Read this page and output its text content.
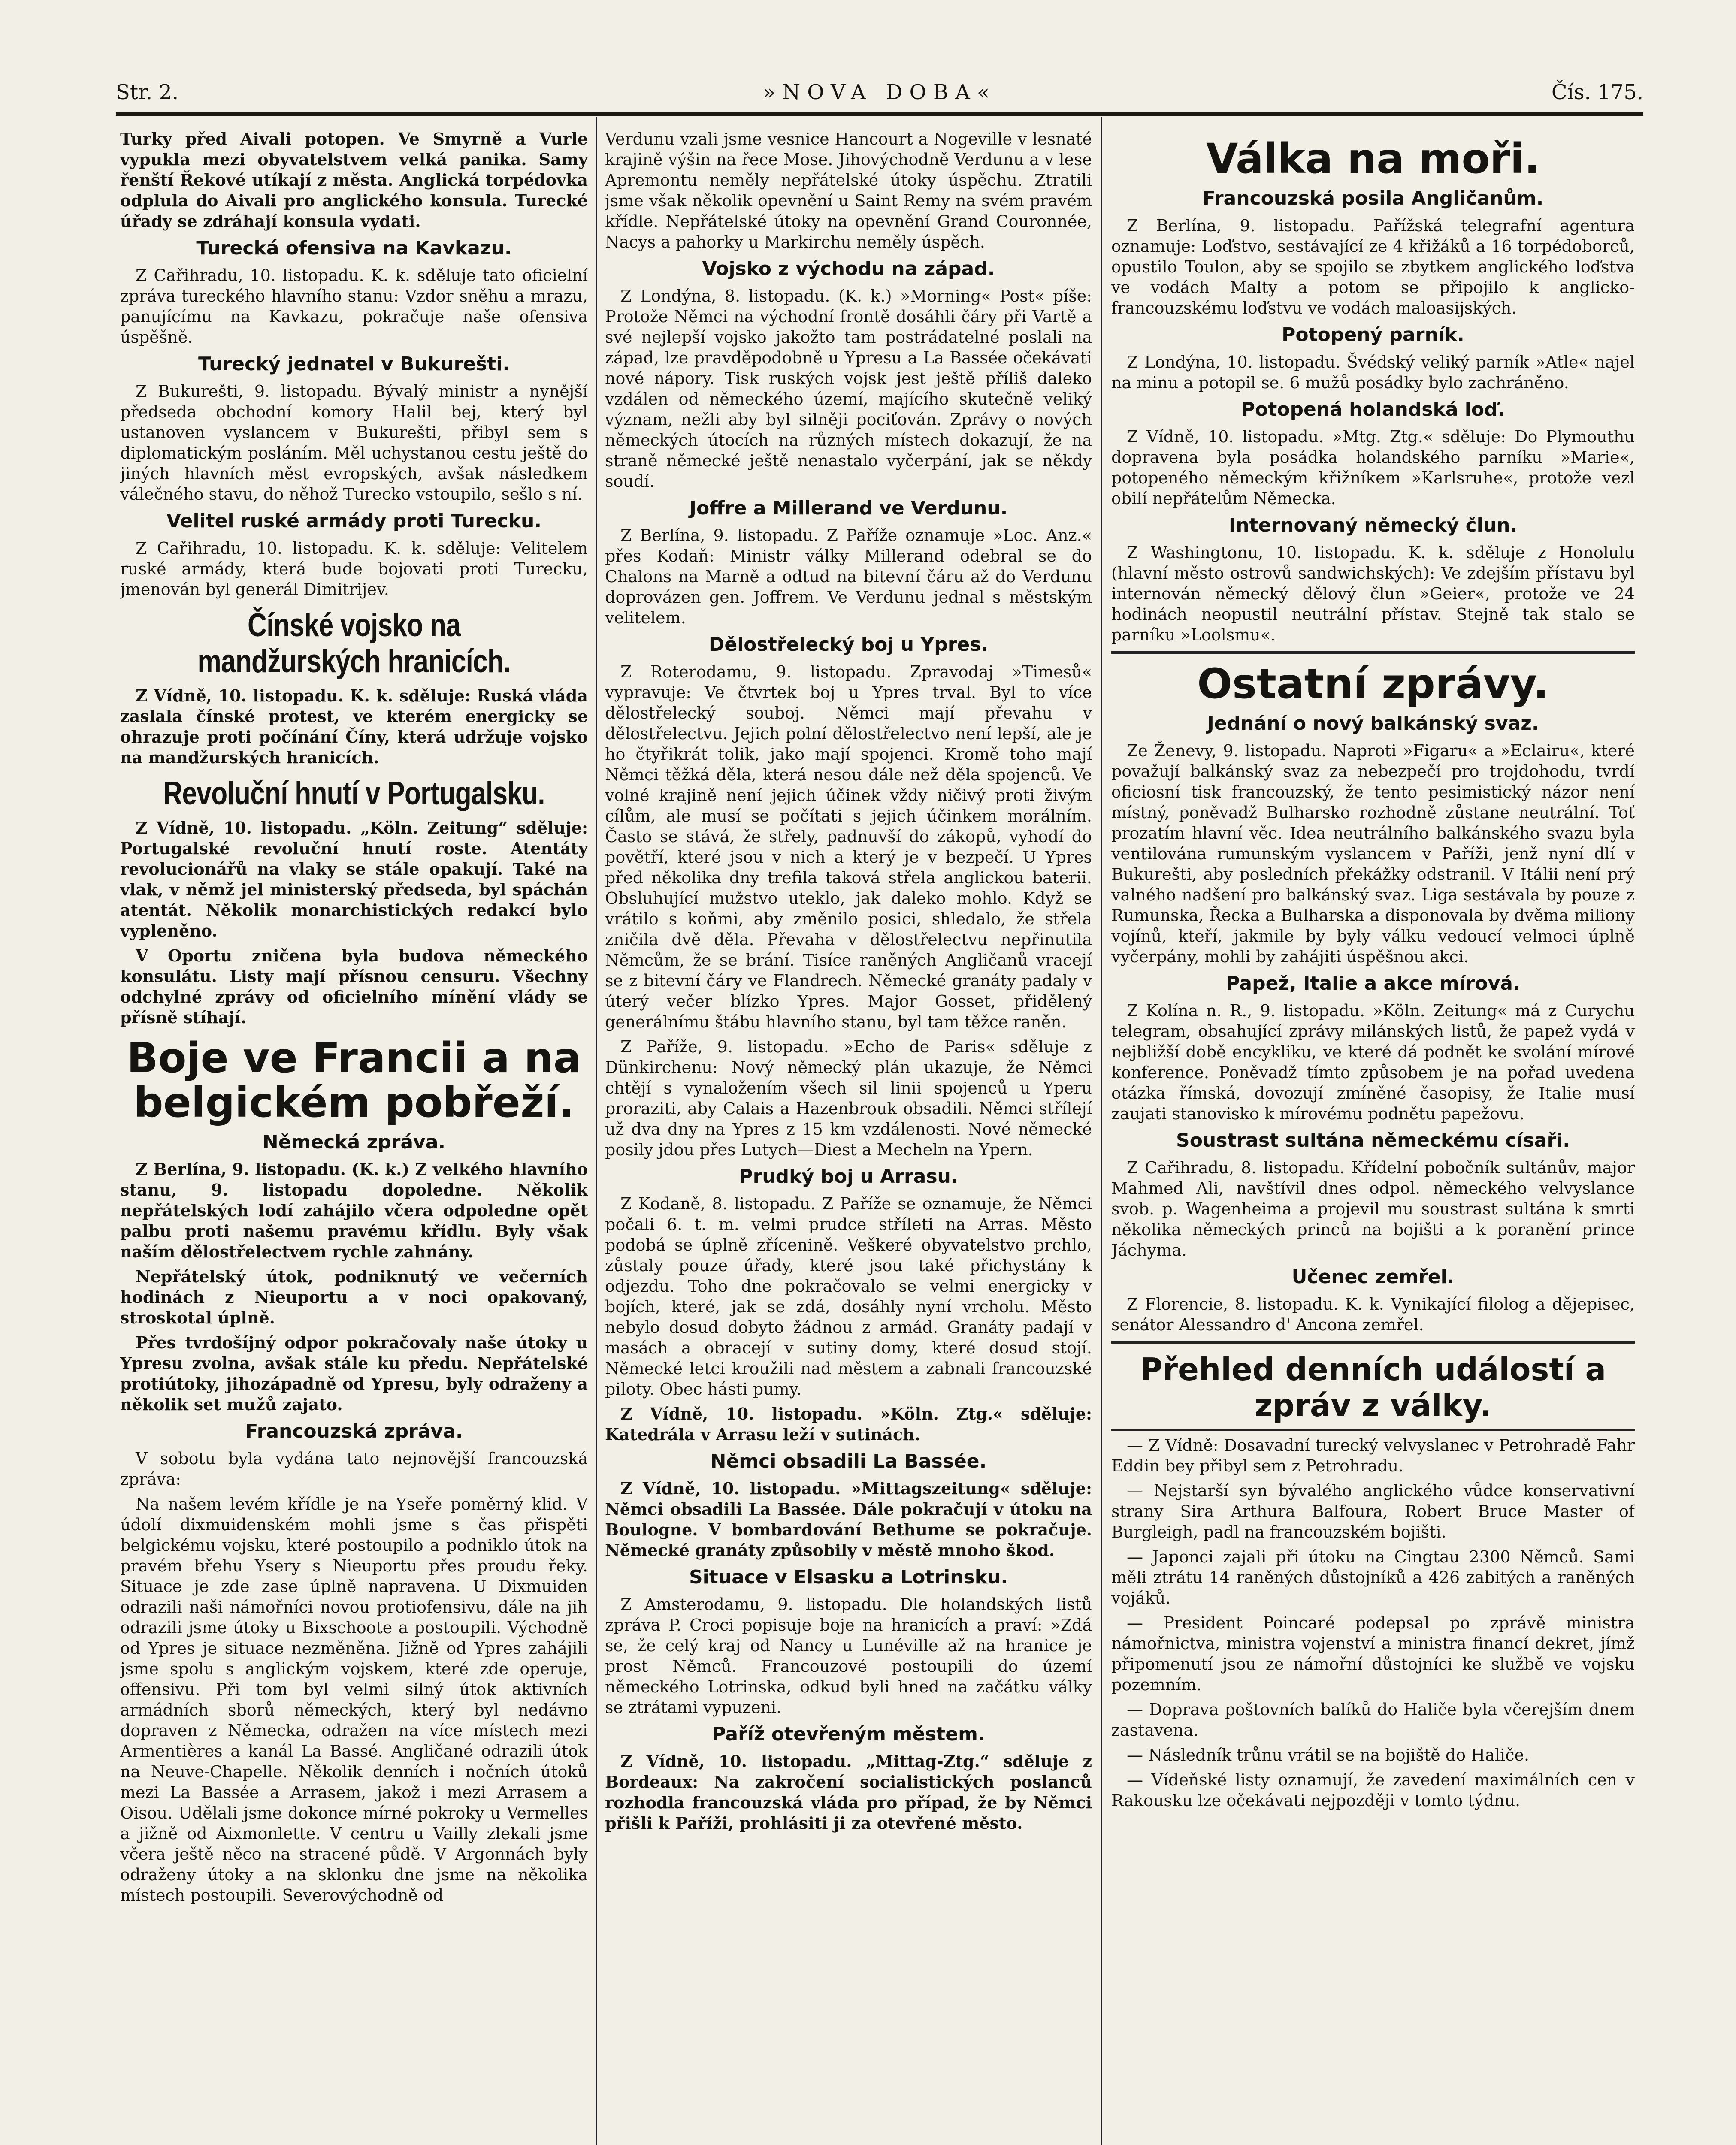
Str. 2.	»NOVA DOBA«	Čís. 175.

Turky před Aivali potopen. Ve Smyrně a Vurle vypukla mezi obyvatelstvem velká panika. Samy řenští Řekové utíkají z města. Anglická torpédovka odplula do Aivali pro anglického konsula. Turecké úřady se zdráhají konsula vydati.

Turecká ofensiva na Kavkazu.

Z Cařihradu, 10. listopadu. K. k. sděluje tato oficielní zpráva tureckého hlavního stanu: Vzdor sněhu a mrazu, panujícímu na Kavkazu, pokračuje naše ofensiva úspěšně.

Turecký jednatel v Bukurešti.

Z Bukurešti, 9. listopadu. Bývalý ministr a nynější předseda obchodní komory Halil bej, který byl ustanoven vyslancem v Bukurešti, přibyl sem s diplomatickým posláním. Měl uchystanou cestu ještě do jiných hlavních měst evropských, avšak následkem válečného stavu, do něhož Turecko vstoupilo, sešlo s ní.

Velitel ruské armády proti Turecku.

Z Cařihradu, 10. listopadu. K. k. sděluje: Velitelem ruské armády, která bude bojovati proti Turecku, jmenován byl generál Dimitrijev.

Čínské vojsko na mandžurských hranicích.

Z Vídně, 10. listopadu. K. k. sděluje: Ruská vláda zaslala čínské protest, ve kterém energicky se ohrazuje proti počínání Číny, která udržuje vojsko na mandžurských hranicích.

Revoluční hnutí v Portugalsku.

Z Vídně, 10. listopadu. „Köln. Zeitung“ sděluje: Portugalské revoluční hnutí roste. Atentáty revolucionářů na vlaky se stále opakují. Také na vlak, v němž jel ministerský předseda, byl spáchán atentát. Několik monarchistických redakcí bylo vypleněno.

V Oportu zničena byla budova německého konsulátu. Listy mají přísnou censuru. Všechny odchylné zprávy od oficielního mínění vlády se přísně stíhají.

Boje ve Francii a na belgickém pobřeží.
Německá zpráva.

Z Berlína, 9. listopadu. (K. k.) Z velkého hlavního stanu, 9. listopadu dopoledne. Několik nepřátelských lodí zahájilo včera odpoledne opět palbu proti našemu pravému křídlu. Byly však naším dělostřelectvem rychle zahnány.

Nepřátelský útok, podniknutý ve večerních hodinách z Nieuportu a v noci opakovaný, stroskotal úplně.

Přes tvrdošíjný odpor pokračovaly naše útoky u Ypresu zvolna, avšak stále ku předu. Nepřátelské protiútoky, jihozápadně od Ypresu, byly odraženy a několik set mužů zajato.

Francouzská zpráva.

V sobotu byla vydána tato nejnovější francouzská zpráva:

Na našem levém křídle je na Yseře poměrný klid. V údolí dixmuidenském mohli jsme s čas přispěti belgickému vojsku, které postoupilo a podniklo útok na pravém břehu Ysery s Nieuportu přes proudu řeky. Situace je zde zase úplně napravena. U Dixmuiden odrazili naši námořníci novou protiofensivu, dále na jih odrazili jsme útoky u Bixschoote a postoupili. Východně od Ypres je situace nezměněna. Jižně od Ypres zahájili jsme spolu s anglickým vojskem, které zde operuje, offensivu. Při tom byl velmi silný útok aktivních armádních sborů německých, který byl nedávno dopraven z Německa, odražen na více místech mezi Armentières a kanál La Bassé. Angličané odrazili útok na Neuve-Chapelle. Několik denních i nočních útoků mezi La Bassée a Arrasem, jakož i mezi Arrasem a Oisou. Udělali jsme dokonce mírné pokroky u Vermelles a jižně od Aixmonlette. V centru u Vailly zlekali jsme včera ještě něco na stracené půdě. V Argonnách byly odraženy útoky a na sklonku dne jsme na několika místech postoupili. Severovýchodně od

Verdunu vzali jsme vesnice Hancourt a Nogeville v lesnaté krajině výšin na řece Mose. Jihovýchodně Verdunu a v lese Apremontu neměly nepřátelské útoky úspěchu. Ztratili jsme však několik opevnění u Saint Remy na svém pravém křídle. Nepřátelské útoky na opevnění Grand Couronnée, Nacys a pahorky u Markirchu neměly úspěch.

Vojsko z východu na západ.

Z Londýna, 8. listopadu. (K. k.) »Morning« Post« píše: Protože Němci na východní frontě dosáhli čáry při Vartě a své nejlepší vojsko jakožto tam postrádatelné poslali na západ, lze pravděpodobně u Ypresu a La Bassée očekávati nové nápory. Tisk ruských vojsk jest ještě příliš daleko vzdálen od německého území, majícího skutečně veliký význam, nežli aby byl silněji pociťován. Zprávy o nových německých útocích na různých místech dokazují, že na straně německé ještě nenastalo vyčerpání, jak se někdy soudí.

Joffre a Millerand ve Verdunu.

Z Berlína, 9. listopadu. Z Paříže oznamuje »Loc. Anz.« přes Kodaň: Ministr války Millerand odebral se do Chalons na Marně a odtud na bitevní čáru až do Verdunu doprovázen gen. Joffrem. Ve Verdunu jednal s městským velitelem.

Dělostřelecký boj u Ypres.

Z Roterodamu, 9. listopadu. Zpravodaj »Timesů« vypravuje: Ve čtvrtek boj u Ypres trval. Byl to více dělostřelecký souboj. Němci mají převahu v dělostřelectvu. Jejich polní dělostřelectvo není lepší, ale je ho čtyřikrát tolik, jako mají spojenci. Kromě toho mají Němci těžká děla, která nesou dále než děla spojenců. Ve volné krajině není jejich účinek vždy ničivý proti živým cílům, ale musí se počítati s jejich účinkem morálním. Často se stává, že střely, padnuvší do zákopů, vyhodí do povětří, které jsou v nich a který je v bezpečí. U Ypres před několika dny trefila taková střela anglickou baterii. Obsluhující mužstvo uteklo, jak daleko mohlo. Když se vrátilo s koňmi, aby změnilo posici, shledalo, že střela zničila dvě děla. Převaha v dělostřelectvu nepřinutila Němcům, že se brání. Tisíce raněných Angličanů vracejí se z bitevní čáry ve Flandrech. Německé granáty padaly v úterý večer blízko Ypres. Major Gosset, přidělený generálnímu štábu hlavního stanu, byl tam těžce raněn.

Z Paříže, 9. listopadu. »Echo de Paris« sděluje z Dünkirchenu: Nový německý plán ukazuje, že Němci chtějí s vynaložením všech sil linii spojenců u Yperu proraziti, aby Calais a Hazenbrouk obsadili. Němci střílejí už dva dny na Ypres z 15 km vzdálenosti. Nové německé posily jdou přes Lutych—Diest a Mecheln na Ypern.

Prudký boj u Arrasu.

Z Kodaně, 8. listopadu. Z Paříže se oznamuje, že Němci počali 6. t. m. velmi prudce stříleti na Arras. Město podobá se úplně zřícenině. Veškeré obyvatelstvo prchlo, zůstaly pouze úřady, které jsou také přichystány k odjezdu. Toho dne pokračovalo se velmi energicky v bojích, které, jak se zdá, dosáhly nyní vrcholu. Město nebylo dosud dobyto žádnou z armád. Granáty padají v masách a obracejí v sutiny domy, které dosud stojí. Německé letci kroužili nad městem a zabnali francouzské piloty. Obec hásti pumy.

Z Vídně, 10. listopadu. »Köln. Ztg.« sděluje: Katedrála v Arrasu leží v sutinách.

Němci obsadili La Bassée.

Z Vídně, 10. listopadu. »Mittagszeitung« sděluje: Němci obsadili La Bassée. Dále pokračují v útoku na Boulogne. V bombardování Bethume se pokračuje. Německé granáty způsobily v městě mnoho škod.

Situace v Elsasku a Lotrinsku.

Z Amsterodamu, 9. listopadu. Dle holandských listů zpráva P. Croci popisuje boje na hranicích a praví: »Zdá se, že celý kraj od Nancy u Lunéville až na hranice je prost Němců. Francouzové postoupili do území německého Lotrinska, odkud byli hned na začátku války se ztrátami vypuzeni.

Paříž otevřeným městem.

Z Vídně, 10. listopadu. „Mittag-Ztg.“ sděluje z Bordeaux: Na zakročení socialistických poslanců rozhodla francouzská vláda pro případ, že by Němci přišli k Paříži, prohlásiti ji za otevřené město.

Válka na moři.
Francouzská posila Angličanům.

Z Berlína, 9. listopadu. Pařížská telegrafní agentura oznamuje: Loďstvo, sestávající ze 4 křižáků a 16 torpédoborců, opustilo Toulon, aby se spojilo se zbytkem anglického loďstva ve vodách Malty a potom se připojilo k anglicko-francouzskému loďstvu ve vodách maloasijských.

Potopený parník.

Z Londýna, 10. listopadu. Švédský veliký parník »Atle« najel na minu a potopil se. 6 mužů posádky bylo zachráněno.

Potopená holandská loď.

Z Vídně, 10. listopadu. »Mtg. Ztg.« sděluje: Do Plymouthu dopravena byla posádka holandského parníku »Marie«, potopeného německým křižníkem »Karlsruhe«, protože vezl obilí nepřátelům Německa.

Internovaný německý člun.

Z Washingtonu, 10. listopadu. K. k. sděluje z Honolulu (hlavní město ostrovů sandwichských): Ve zdejším přístavu byl internován německý dělový člun »Geier«, protože ve 24 hodinách neopustil neutrální přístav. Stejně tak stalo se parníku »Loolsmu«.

Ostatní zprávy.
Jednání o nový balkánský svaz.

Ze Ženevy, 9. listopadu. Naproti »Figaru« a »Eclairu«, které považují balkánský svaz za nebezpečí pro trojdohodu, tvrdí oficiosní tisk francouzský, že tento pesimistický názor není místný, poněvadž Bulharsko rozhodně zůstane neutrální. Toť prozatím hlavní věc. Idea neutrálního balkánského svazu byla ventilována rumunským vyslancem v Paříži, jenž nyní dlí v Bukurešti, aby posledních překážky odstranil. V Itálii není prý valného nadšení pro balkánský svaz. Liga sestávala by pouze z Rumunska, Řecka a Bulharska a disponovala by dvěma miliony vojínů, kteří, jakmile by byly válku vedoucí velmoci úplně vyčerpány, mohli by zahájiti úspěšnou akci.

Papež, Italie a akce mírová.

Z Kolína n. R., 9. listopadu. »Köln. Zeitung« má z Curychu telegram, obsahující zprávy milánských listů, že papež vydá v nejbližší době encykliku, ve které dá podnět ke svolání mírové konference. Poněvadž tímto způsobem je na pořad uvedena otázka římská, dovozují zmíněné časopisy, že Italie musí zaujati stanovisko k mírovému podnětu papežovu.

Soustrast sultána německému císaři.

Z Cařihradu, 8. listopadu. Křídelní pobočník sultánův, major Mahmed Ali, navštívil dnes odpol. německého velvyslance svob. p. Wagenheima a projevil mu soustrast sultána k smrti několika německých princů na bojišti a k poranění prince Jáchyma.

Učenec zemřel.

Z Florencie, 8. listopadu. K. k. Vynikající filolog a dějepisec, senátor Alessandro d' Ancona zemřel.

Přehled denních událostí a zpráv z války.

— Z Vídně: Dosavadní turecký velvyslanec v Petrohradě Fahr Eddin bey přibyl sem z Petrohradu.

— Nejstarší syn bývalého anglického vůdce konservativní strany Sira Arthura Balfoura, Robert Bruce Master of Burgleigh, padl na francouzském bojišti.

— Japonci zajali při útoku na Cingtau 2300 Němců. Sami měli ztrátu 14 raněných důstojníků a 426 zabitých a raněných vojáků.

— President Poincaré podepsal po zprávě ministra námořnictva, ministra vojenství a ministra financí dekret, jímž připomenutí jsou ze námořní důstojníci ke službě ve vojsku pozemním.

— Doprava poštovních balíků do Haliče byla včerejším dnem zastavena.

— Následník trůnu vrátil se na bojiště do Haliče.

— Vídeňské listy oznamují, že zavedení maximálních cen v Rakousku lze očekávati nejpozději v tomto týdnu.
